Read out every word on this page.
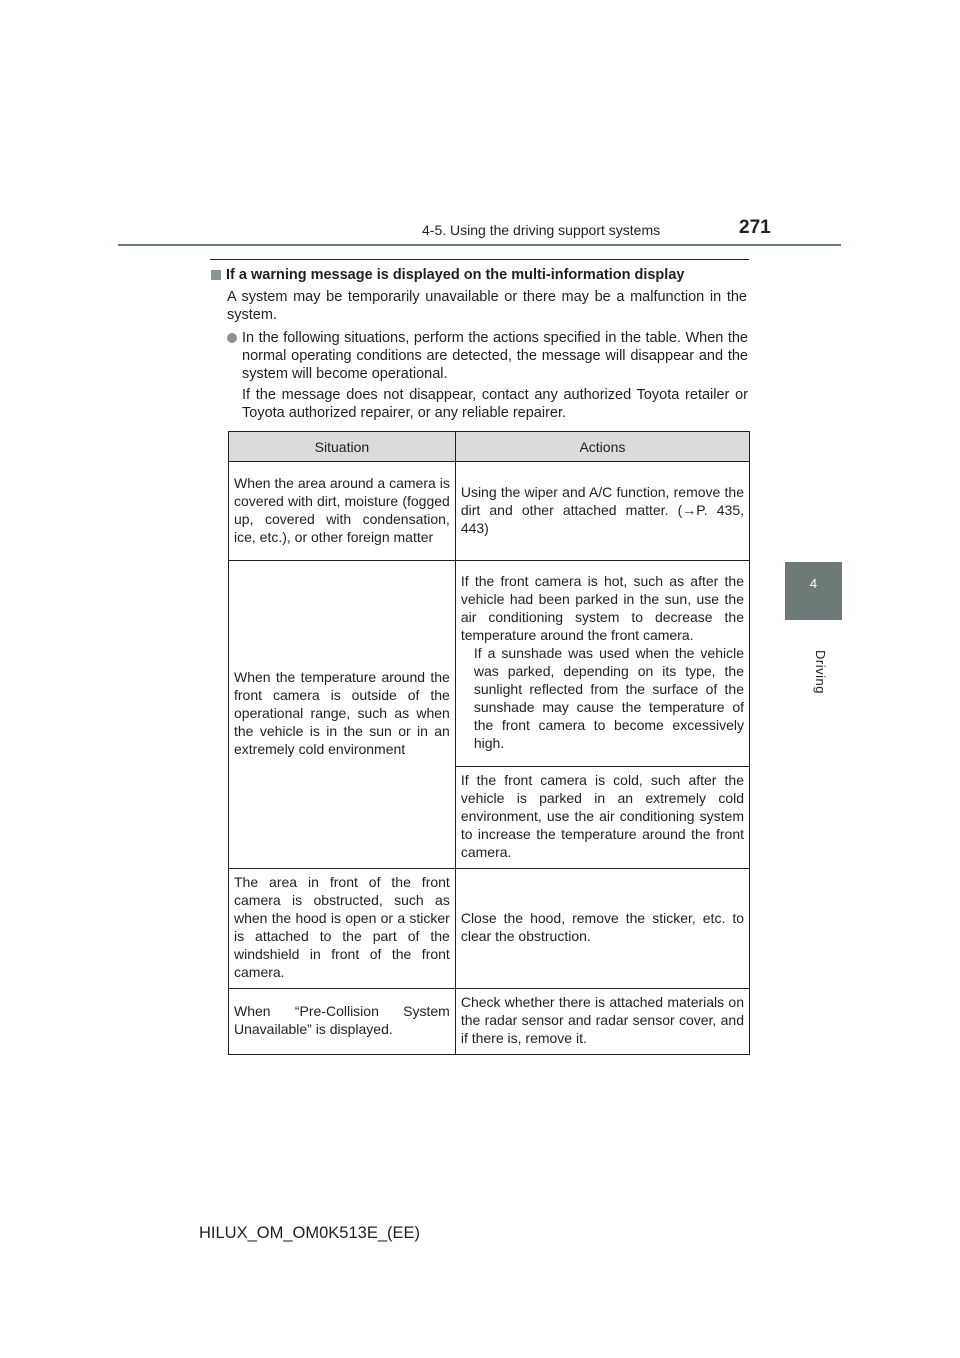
4-5. Using the driving support systems	271
4
Driving
If a warning message is displayed on the multi-information display
A system may be temporarily unavailable or there may be a malfunction in the system.
In the following situations, perform the actions specified in the table. When the normal operating conditions are detected, the message will disappear and the system will become operational.
If the message does not disappear, contact any authorized Toyota retailer or Toyota authorized repairer, or any reliable repairer.
Situation	Actions
When the area around a camera is covered with dirt, moisture (fogged up, covered with condensation, ice, etc.), or other foreign matter	Using the wiper and A/C function, remove the dirt and other attached matter. (→P. 435, 443)
When the temperature around the front camera is outside of the operational range, such as when the vehicle is in the sun or in an extremely cold environment	If the front camera is hot, such as after the vehicle had been parked in the sun, use the air conditioning system to decrease the temperature around the front camera.
If a sunshade was used when the vehicle was parked, depending on its type, the sunlight reflected from the surface of the sunshade may cause the temperature of the front camera to become excessively high.

	If the front camera is cold, such after the vehicle is parked in an extremely cold environment, use the air conditioning system to increase the temperature around the front camera.
The area in front of the front camera is obstructed, such as when the hood is open or a sticker is attached to the part of the windshield in front of the front camera.	Close the hood, remove the sticker, etc. to clear the obstruction.
When “Pre-Collision System Unavailable” is displayed.	Check whether there is attached materials on the radar sensor and radar sensor cover, and if there is, remove it.
HILUX_OM_OM0K513E_(EE)
